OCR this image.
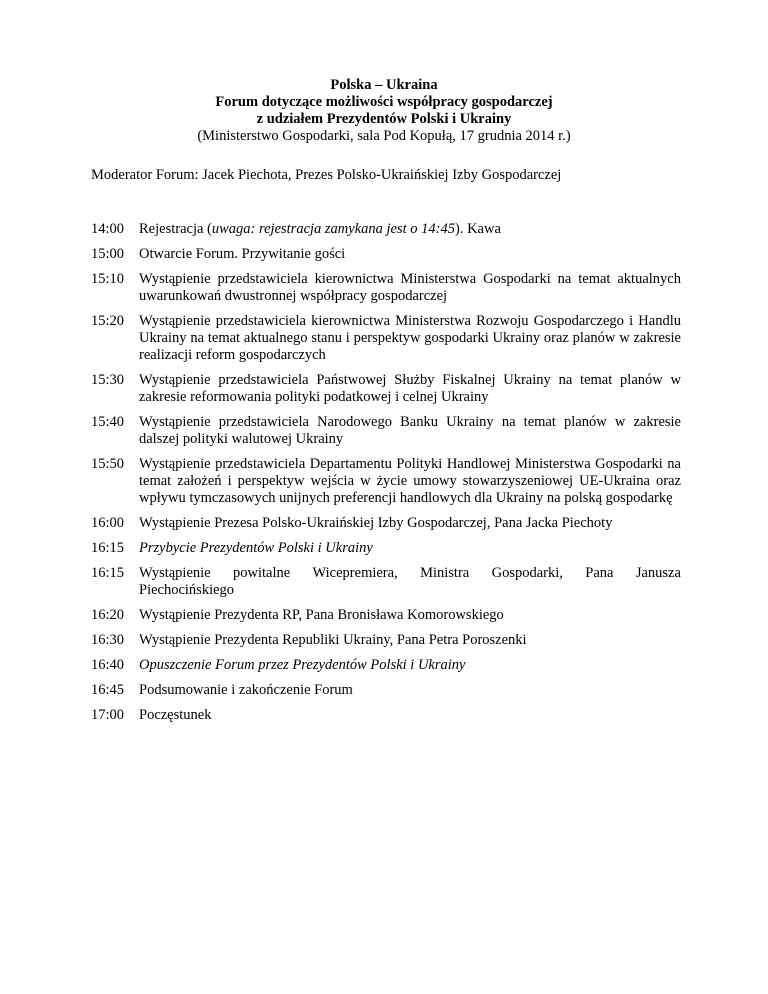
Polska – Ukraina
Forum dotyczące możliwości współpracy gospodarczej
z udziałem Prezydentów Polski i Ukrainy
(Ministerstwo Gospodarki, sala Pod Kopułą, 17 grudnia 2014 r.)
Moderator Forum: Jacek Piechota, Prezes Polsko-Ukraińskiej Izby Gospodarczej
14:00	Rejestracja (uwaga: rejestracja zamykana jest o 14:45). Kawa
15:00	Otwarcie Forum. Przywitanie gości
15:10	Wystąpienie przedstawiciela kierownictwa Ministerstwa Gospodarki na temat aktualnych uwarunkowań dwustronnej współpracy gospodarczej
15:20	Wystąpienie przedstawiciela kierownictwa Ministerstwa Rozwoju Gospodarczego i Handlu Ukrainy na temat aktualnego stanu i perspektyw gospodarki Ukrainy oraz planów w zakresie realizacji reform gospodarczych
15:30	Wystąpienie przedstawiciela Państwowej Służby Fiskalnej Ukrainy na temat planów w zakresie reformowania polityki podatkowej i celnej Ukrainy
15:40	Wystąpienie przedstawiciela Narodowego Banku Ukrainy na temat planów w zakresie dalszej polityki walutowej Ukrainy
15:50	Wystąpienie przedstawiciela Departamentu Polityki Handlowej Ministerstwa Gospodarki na temat założeń i perspektyw wejścia w życie umowy stowarzyszeniowej UE-Ukraina oraz wpływu tymczasowych unijnych preferencji handlowych dla Ukrainy na polską gospodarkę
16:00	Wystąpienie Prezesa Polsko-Ukraińskiej Izby Gospodarczej, Pana Jacka Piechoty
16:15	Przybycie Prezydentów Polski i Ukrainy
16:15	Wystąpienie powitalne Wicepremiera, Ministra Gospodarki, Pana Janusza
Piechocińskiego
16:20	Wystąpienie Prezydenta RP, Pana Bronisława Komorowskiego
16:30	Wystąpienie Prezydenta Republiki Ukrainy, Pana Petra Poroszenki
16:40	Opuszczenie Forum przez Prezydentów Polski i Ukrainy
16:45	Podsumowanie i zakończenie Forum
17:00	Poczęstunek
